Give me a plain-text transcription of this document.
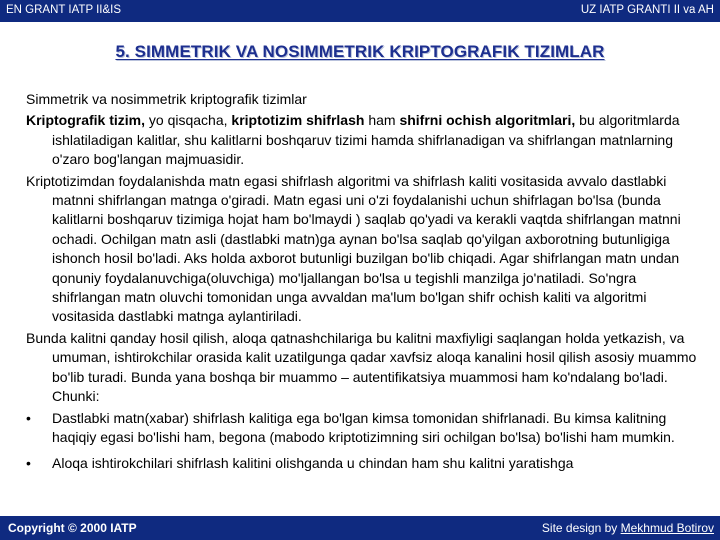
EN GRANT IATP II&IS	UZ IATP GRANTI II va AH
5. SIMMETRIK VA NOSIMMETRIK KRIPTOGRAFIK TIZIMLAR

Simmetrik va nosimmetrik kriptografik tizimlar

Kriptografik tizim, yo qisqacha, kriptotizim shifrlash ham shifrni ochish algoritmlari, bu algoritmlarda ishlatiladigan kalitlar, shu kalitlarni boshqaruv tizimi hamda shifrlanadigan va shifrlangan matnlarning o'zaro bog'langan majmuasidir.

Kriptotizimdan foydalanishda matn egasi shifrlash algoritmi va shifrlash kaliti vositasida avvalo dastlabki matnni shifrlangan matnga o'giradi. Matn egasi uni o'zi foydalanishi uchun shifrlagan bo'lsa (bunda kalitlarni boshqaruv tizimiga hojat ham bo'lmaydi ) saqlab qo'yadi va kerakli vaqtda shifrlangan matnni ochadi. Ochilgan matn asli (dastlabki matn)ga aynan bo'lsa saqlab qo'yilgan axborotning butunligiga ishonch hosil bo'ladi. Aks holda axborot butunligi buzilgan bo'lib chiqadi. Agar shifrlangan matn undan qonuniy foydalanuvchiga(oluvchiga) mo'ljallangan bo'lsa u tegishli manzilga jo'natiladi. So'ngra shifrlangan matn oluvchi tomonidan unga avvaldan ma'lum bo'lgan shifr ochish kaliti va algoritmi vositasida dastlabki matnga aylantiriladi.

Bunda kalitni qanday hosil qilish, aloqa qatnashchilariga bu kalitni maxfiyligi saqlangan holda yetkazish, va umuman, ishtirokchilar orasida kalit uzatilgunga qadar xavfsiz aloqa kanalini hosil qilish asosiy muammo bo'lib turadi. Bunda yana boshqa bir muammo – autentifikatsiya muammosi ham ko'ndalang bo'ladi. Chunki:

•	Dastlabki matn(xabar) shifrlash kalitiga ega bo'lgan kimsa tomonidan shifrlanadi. Bu kimsa kalitning haqiqiy egasi bo'lishi ham, begona (mabodo kriptotizimning siri ochilgan bo'lsa) bo'lishi ham mumkin.
•	Aloqa ishtirokchilari shifrlash kalitini olishganda u chindan ham shu kalitni yaratishga
Copyright © 2000 IATP	Site design by Mekhmud Botirov
